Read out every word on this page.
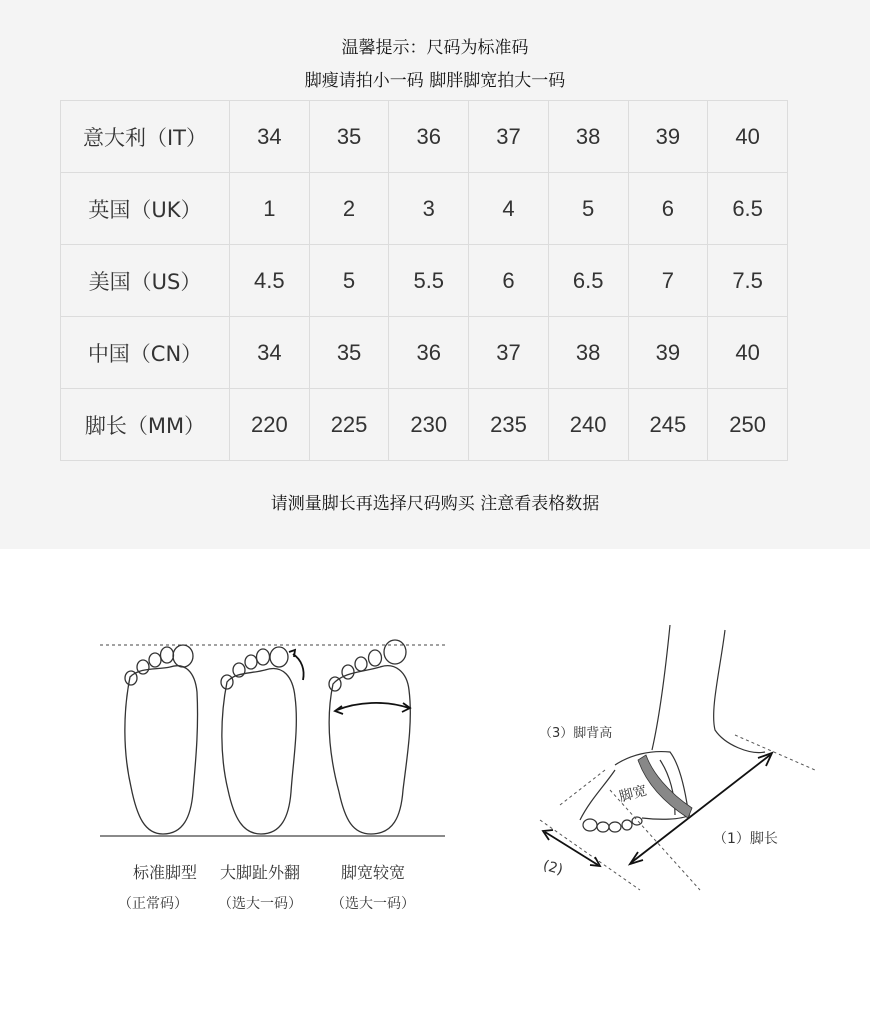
温馨提示：尺码为标准码
脚瘦请拍小一码 脚胖脚宽拍大一码
意大利（IT）	34	35	36	37	38	39	40
英国（UK）	1	2	3	4	5	6	6.5
美国（US）	4.5	5	5.5	6	6.5	7	7.5
中国（CN）	34	35	36	37	38	39	40
脚长（MM）	220	225	230	235	240	245	250
请测量脚长再选择尺码购买 注意看表格数据
标准脚型	大脚趾外翻	脚宽较宽
（正常码）	（选大一码）	（选大一码）
（3）脚背高
脚宽
（1）脚长
(2)
